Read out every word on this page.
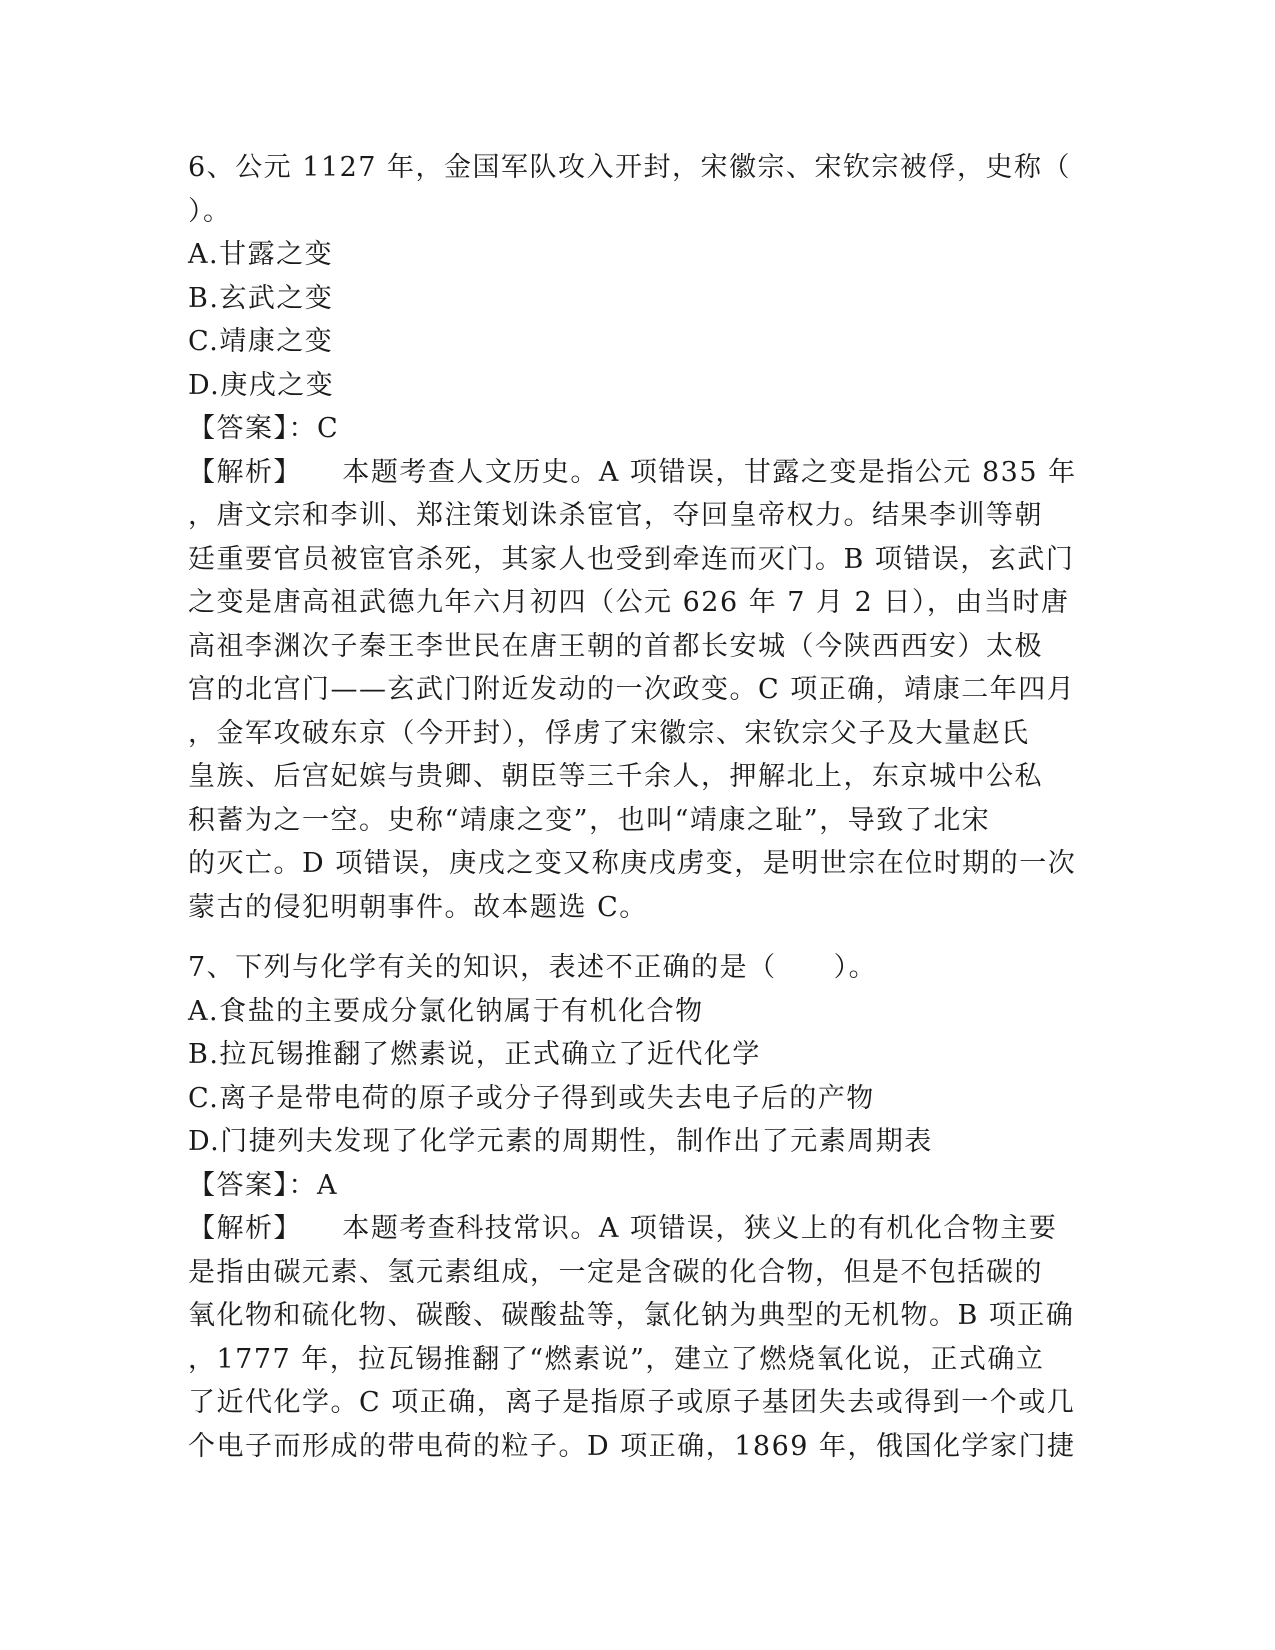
6、公元 1127 年，金国军队攻入开封，宋徽宗、宋钦宗被俘，史称（
）。
A.甘露之变
B.玄武之变
C.靖康之变
D.庚戌之变
【答案】：C
【解析】    本题考查人文历史。A 项错误，甘露之变是指公元 835 年
，唐文宗和李训、郑注策划诛杀宦官，夺回皇帝权力。结果李训等朝
廷重要官员被宦官杀死，其家人也受到牵连而灭门。B 项错误，玄武门
之变是唐高祖武德九年六月初四（公元 626 年 7 月 2 日），由当时唐
高祖李渊次子秦王李世民在唐王朝的首都长安城（今陕西西安）太极
宫的北宫门——玄武门附近发动的一次政变。C 项正确，靖康二年四月
，金军攻破东京（今开封），俘虏了宋徽宗、宋钦宗父子及大量赵氏
皇族、后宫妃嫔与贵卿、朝臣等三千余人，押解北上，东京城中公私
积蓄为之一空。史称“靖康之变”，也叫“靖康之耻”，导致了北宋
的灭亡。D 项错误，庚戌之变又称庚戌虏变，是明世宗在位时期的一次
蒙古的侵犯明朝事件。故本题选 C。
7、下列与化学有关的知识，表述不正确的是（　　）。
A.食盐的主要成分氯化钠属于有机化合物
B.拉瓦锡推翻了燃素说，正式确立了近代化学
C.离子是带电荷的原子或分子得到或失去电子后的产物
D.门捷列夫发现了化学元素的周期性，制作出了元素周期表
【答案】：A
【解析】    本题考查科技常识。A 项错误，狭义上的有机化合物主要
是指由碳元素、氢元素组成，一定是含碳的化合物，但是不包括碳的
氧化物和硫化物、碳酸、碳酸盐等，氯化钠为典型的无机物。B 项正确
，1777 年，拉瓦锡推翻了“燃素说”，建立了燃烧氧化说，正式确立
了近代化学。C 项正确，离子是指原子或原子基团失去或得到一个或几
个电子而形成的带电荷的粒子。D 项正确，1869 年，俄国化学家门捷
